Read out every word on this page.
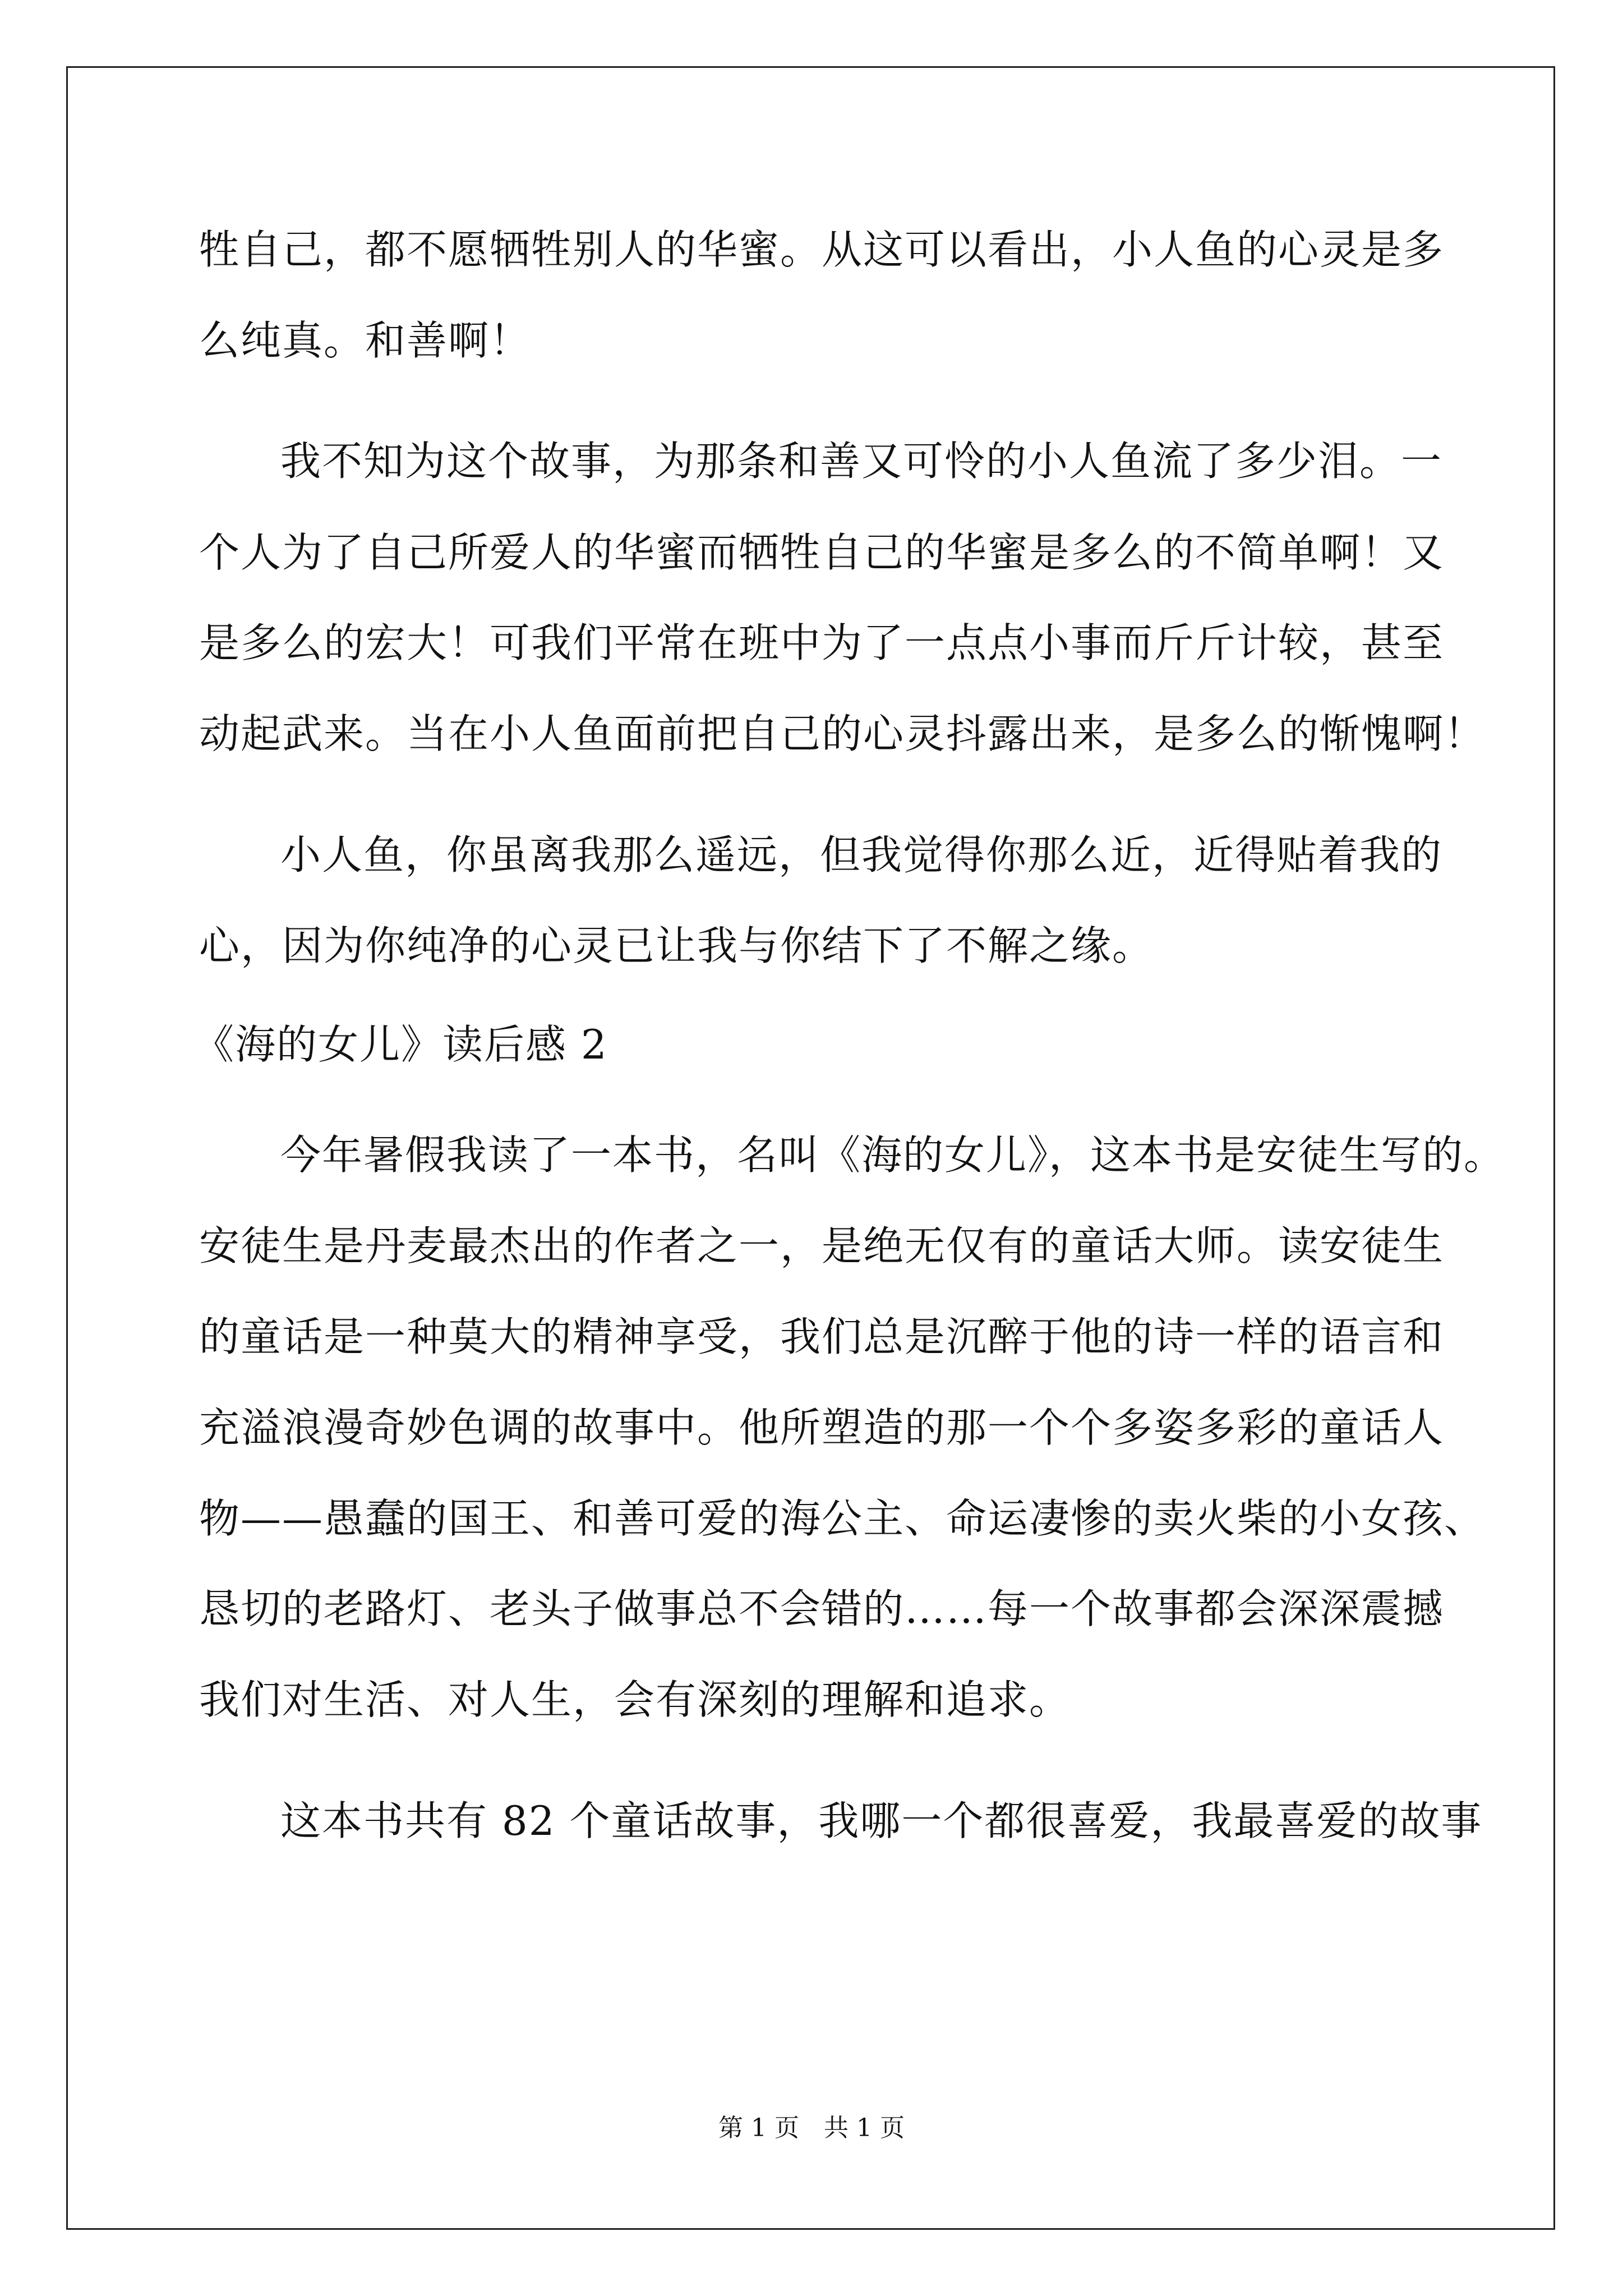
牲自己，都不愿牺牲别人的华蜜。从这可以看出，小人鱼的心灵是多
么纯真。和善啊！
我不知为这个故事，为那条和善又可怜的小人鱼流了多少泪。一
个人为了自己所爱人的华蜜而牺牲自己的华蜜是多么的不简单啊！又
是多么的宏大！可我们平常在班中为了一点点小事而斤斤计较，甚至
动起武来。当在小人鱼面前把自己的心灵抖露出来，是多么的惭愧啊！
小人鱼，你虽离我那么遥远，但我觉得你那么近，近得贴着我的
心，因为你纯净的心灵已让我与你结下了不解之缘。
《海的女儿》读后感 2
今年暑假我读了一本书，名叫《海的女儿》，这本书是安徒生写的。
安徒生是丹麦最杰出的作者之一，是绝无仅有的童话大师。读安徒生
的童话是一种莫大的精神享受，我们总是沉醉于他的诗一样的语言和
充溢浪漫奇妙色调的故事中。他所塑造的那一个个多姿多彩的童话人
物——愚蠢的国王、和善可爱的海公主、命运凄惨的卖火柴的小女孩、
恳切的老路灯、老头子做事总不会错的……每一个故事都会深深震撼
我们对生活、对人生，会有深刻的理解和追求。
这本书共有 82 个童话故事，我哪一个都很喜爱，我最喜爱的故事
第 1 页　共 1 页
